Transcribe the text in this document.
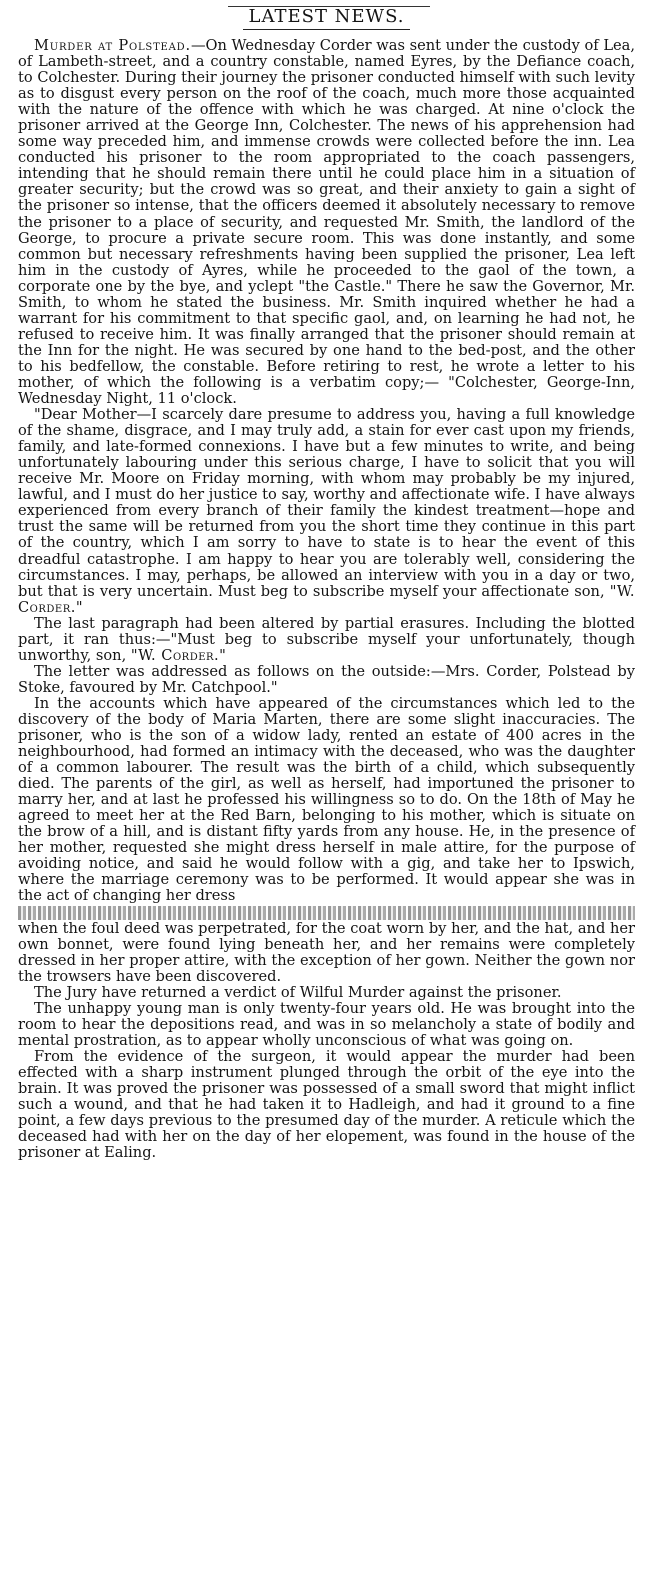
LATEST NEWS.

Murder at Polstead.—On Wednesday Corder was sent under the custody of Lea, of Lambeth-street, and a country constable, named Eyres, by the Defiance coach, to Colchester. During their journey the prisoner conducted himself with such levity as to disgust every person on the roof of the coach, much more those acquainted with the nature of the offence with which he was charged. At nine o'clock the prisoner arrived at the George Inn, Colchester. The news of his apprehension had some way preceded him, and immense crowds were collected before the inn. Lea conducted his prisoner to the room appropriated to the coach passengers, intending that he should remain there until he could place him in a situation of greater security; but the crowd was so great, and their anxiety to gain a sight of the prisoner so intense, that the officers deemed it absolutely necessary to remove the prisoner to a place of security, and requested Mr. Smith, the landlord of the George, to procure a private secure room. This was done instantly, and some common but necessary refreshments having been supplied the prisoner, Lea left him in the custody of Ayres, while he proceeded to the gaol of the town, a corporate one by the bye, and yclept "the Castle." There he saw the Governor, Mr. Smith, to whom he stated the business. Mr. Smith inquired whether he had a warrant for his commitment to that specific gaol, and, on learning he had not, he refused to receive him. It was finally arranged that the prisoner should remain at the Inn for the night. He was secured by one hand to the bed-post, and the other to his bedfellow, the constable. Before retiring to rest, he wrote a letter to his mother, of which the following is a verbatim copy;— "Colchester, George-Inn, Wednesday Night, 11 o'clock.

"Dear Mother—I scarcely dare presume to address you, having a full knowledge of the shame, disgrace, and I may truly add, a stain for ever cast upon my friends, family, and late-formed connexions. I have but a few minutes to write, and being unfortunately labouring under this serious charge, I have to solicit that you will receive Mr. Moore on Friday morning, with whom may probably be my injured, lawful, and I must do her justice to say, worthy and affectionate wife. I have always experienced from every branch of their family the kindest treatment—hope and trust the same will be returned from you the short time they continue in this part of the country, which I am sorry to have to state is to hear the event of this dreadful catastrophe. I am happy to hear you are tolerably well, considering the circumstances. I may, perhaps, be allowed an interview with you in a day or two, but that is very uncertain. Must beg to subscribe myself your affectionate son, "W. Corder."

The last paragraph had been altered by partial erasures. Including the blotted part, it ran thus:—"Must beg to subscribe myself your unfortunately, though unworthy, son, "W. Corder."

The letter was addressed as follows on the outside:—Mrs. Corder, Polstead by Stoke, favoured by Mr. Catchpool."

In the accounts which have appeared of the circumstances which led to the discovery of the body of Maria Marten, there are some slight inaccuracies. The prisoner, who is the son of a widow lady, rented an estate of 400 acres in the neighbourhood, had formed an intimacy with the deceased, who was the daughter of a common labourer. The result was the birth of a child, which subsequently died. The parents of the girl, as well as herself, had importuned the prisoner to marry her, and at last he professed his willingness so to do. On the 18th of May he agreed to meet her at the Red Barn, belonging to his mother, which is situate on the brow of a hill, and is distant fifty yards from any house. He, in the presence of her mother, requested she might dress herself in male attire, for the purpose of avoiding notice, and said he would follow with a gig, and take her to Ipswich, where the marriage ceremony was to be performed. It would appear she was in the act of changing her dress

when the foul deed was perpetrated, for the coat worn by her, and the hat, and her own bonnet, were found lying beneath her, and her remains were completely dressed in her proper attire, with the exception of her gown. Neither the gown nor the trowsers have been discovered.

The Jury have returned a verdict of Wilful Murder against the prisoner.

The unhappy young man is only twenty-four years old. He was brought into the room to hear the depositions read, and was in so melancholy a state of bodily and mental prostration, as to appear wholly unconscious of what was going on.

From the evidence of the surgeon, it would appear the murder had been effected with a sharp instrument plunged through the orbit of the eye into the brain. It was proved the prisoner was possessed of a small sword that might inflict such a wound, and that he had taken it to Hadleigh, and had it ground to a fine point, a few days previous to the presumed day of the murder. A reticule which the deceased had with her on the day of her elopement, was found in the house of the prisoner at Ealing.
